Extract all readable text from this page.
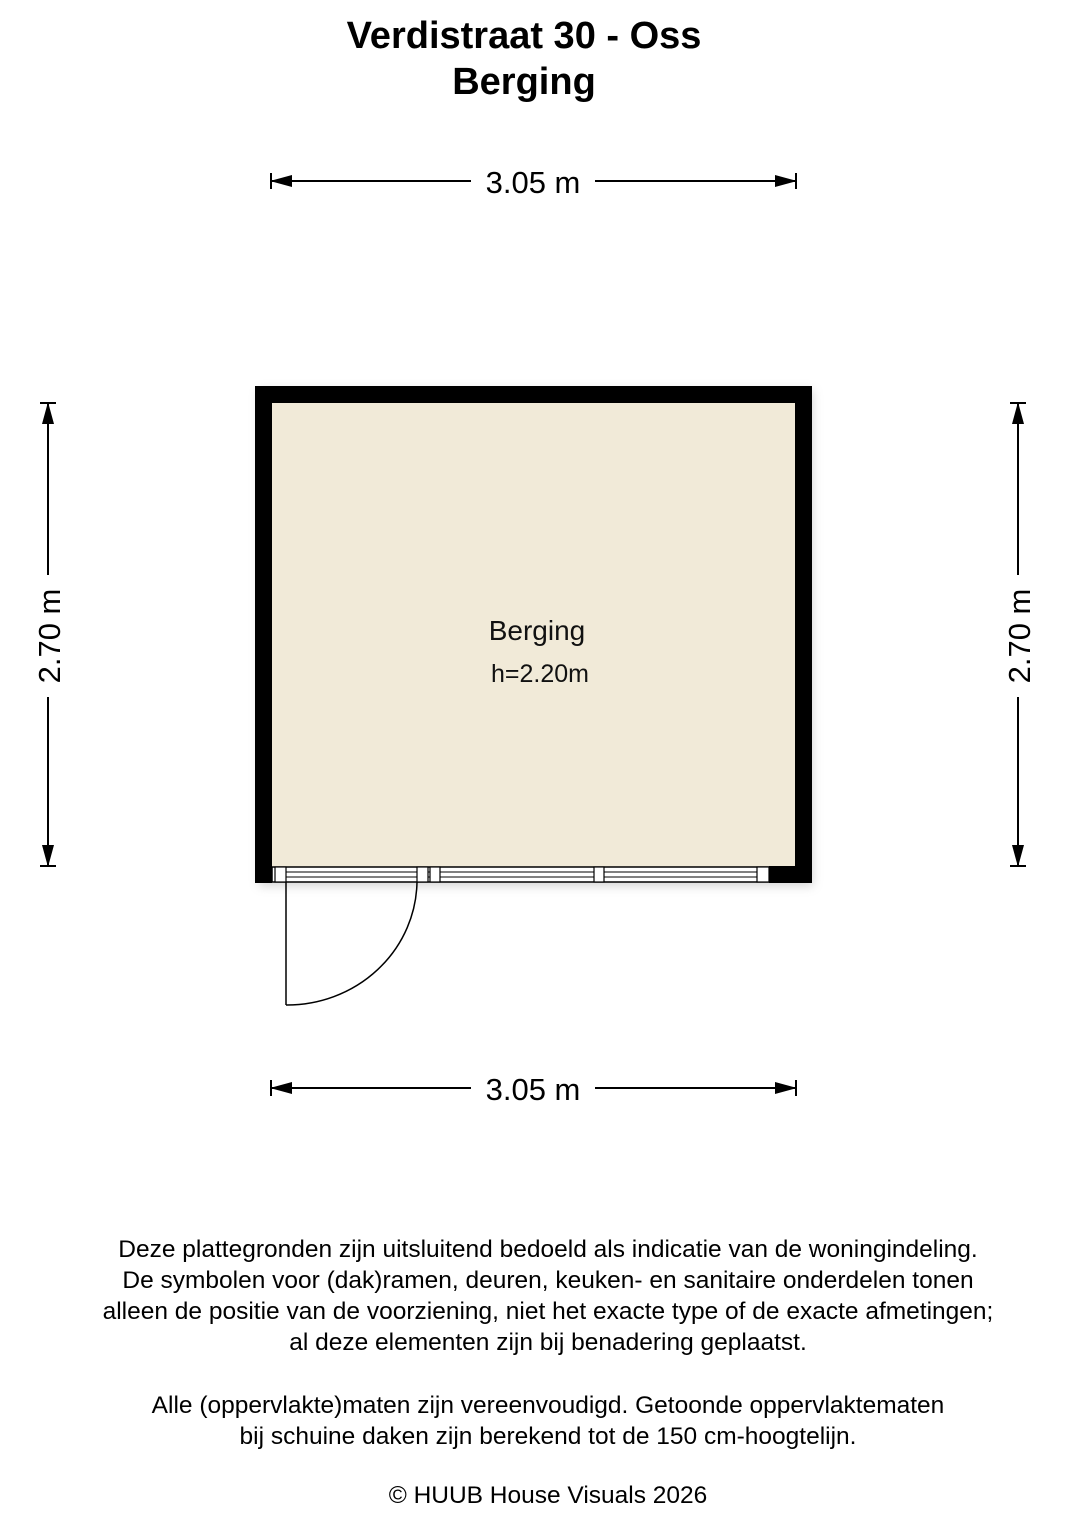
Verdistraat 30 - Oss
Berging
3.05 m
3.05 m
2.70 m	2.70 m
Berging
h=2.20m
Deze plattegronden zijn uitsluitend bedoeld als indicatie van de woningindeling.
De symbolen voor (dak)ramen, deuren, keuken- en sanitaire onderdelen tonen
alleen de positie van de voorziening, niet het exacte type of de exacte afmetingen;
al deze elementen zijn bij benadering geplaatst.
Alle (oppervlakte)maten zijn vereenvoudigd. Getoonde oppervlaktematen
bij schuine daken zijn berekend tot de 150 cm-hoogtelijn.
© HUUB House Visuals 2026
